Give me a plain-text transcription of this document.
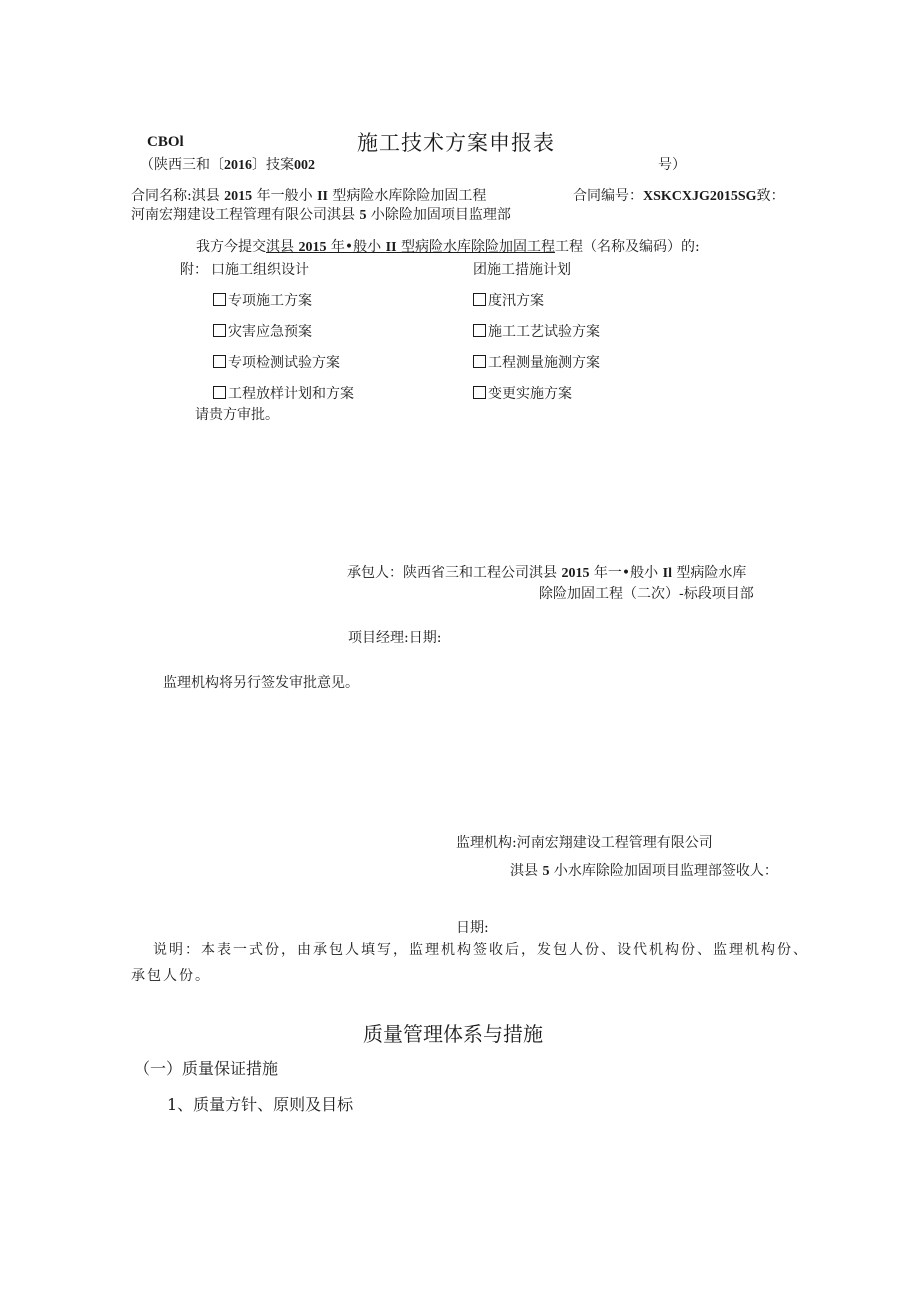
CBOl	施工技术方案申报表
（陕西三和〔2016〕技案002	号）
合同名称:淇县 2015 年一般小 II 型病险水库除险加固工程	合同编号：XSKCXJG2015SG致：
河南宏翔建设工程管理有限公司淇县 5 小除险加固项目监理部
我方今提交淇县 2015 年•般小 II 型病险水库除险加固工程工程（名称及编码）的:
附： 口施工组织设计	团施工措施计划
专项施工方案	度汛方案
灾害应急预案	施工工艺试验方案
专项检测试验方案	工程测量施测方案
工程放样计划和方案	变更实施方案
请贵方审批。
承包人：陕西省三和工程公司淇县 2015 年一•般小 Il 型病险水库
除险加固工程（二次）-标段项目部
项目经理:日期:
监理机构将另行签发审批意见。
监理机构:河南宏翔建设工程管理有限公司
淇县 5 小水库除险加固项目监理部签收人：
日期:
说明：本表一式份，由承包人填写，监理机构签收后，发包人份、设代机构份、监理机构份、
承包人份。
质量管理体系与措施
（一）质量保证措施
1、质量方针、原则及目标
